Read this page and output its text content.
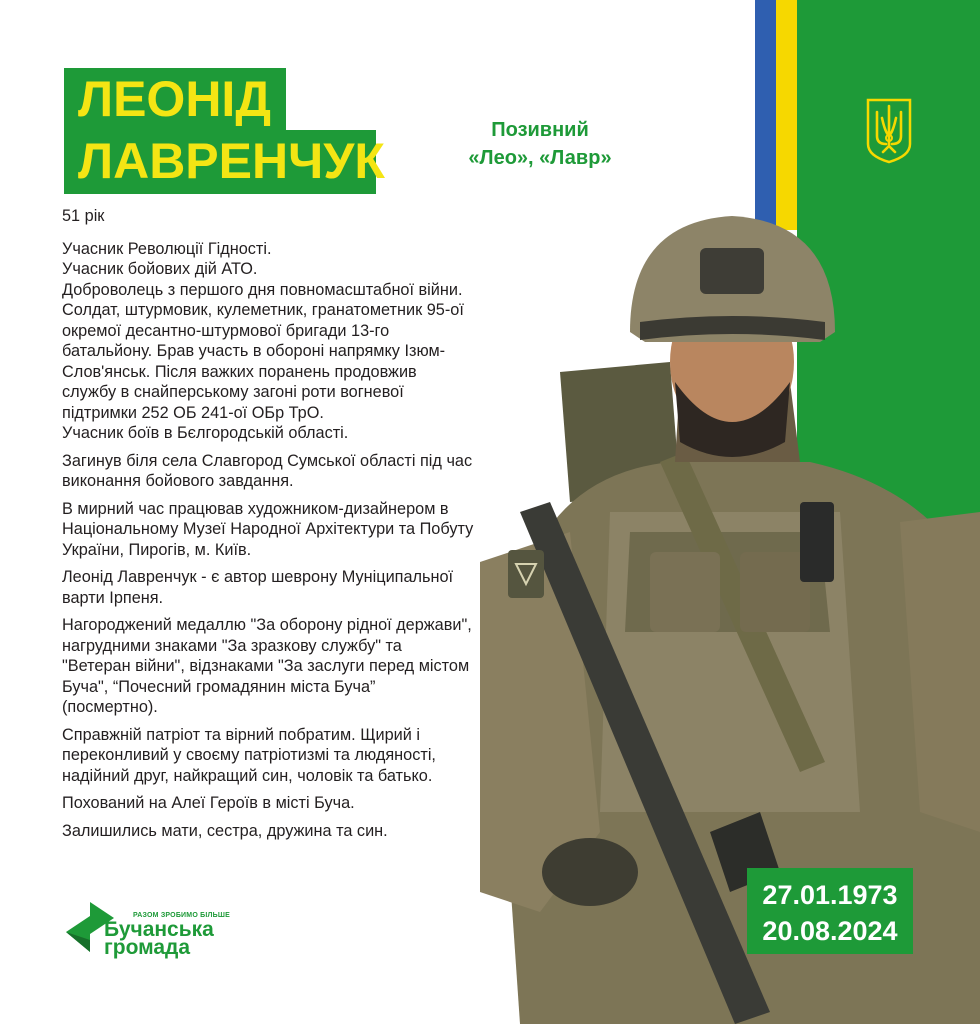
ЛЕОНІД
ЛАВРЕНЧУК
Позивний
«Лео», «Лавр»
51 рік
Учасник Революції Гідності.
Учасник бойових дій АТО.
Доброволець з першого дня повномасштабної війни.
Солдат, штурмовик, кулеметник, гранатометник 95-ої окремої десантно-штурмової бригади 13-го батальйону. Брав участь в обороні напрямку Ізюм-Слов'янськ. Після важких поранень продовжив службу в снайперському загоні роти вогневої підтримки 252 ОБ 241-ої ОБр ТрО.
Учасник боїв в Бєлгородській області.
Загинув біля села Славгород Сумської області під час виконання бойового завдання.
В мирний час працював художником-дизайнером в Національному Музеї Народної Архітектури та Побуту України, Пирогів, м. Київ.
Леонід Лавренчук - є автор шеврону Муніципальної варти Ірпеня.
Нагороджений медаллю "За оборону рідної держави", нагрудними знаками "За зразкову службу" та "Ветеран війни", відзнаками "За заслуги перед містом Буча", “Почесний громадянин міста Буча” (посмертно).
Справжній патріот та вірний побратим. Щирий і переконливий у своєму патріотизмі та людяності, надійний друг, найкращий син, чоловік та батько.
Похований на Алеї Героїв в місті Буча.
Залишились мати, сестра, дружина та син.
27.01.1973
20.08.2024
РАЗОМ ЗРОБИМО БІЛЬШЕ
Бучанська
громада
